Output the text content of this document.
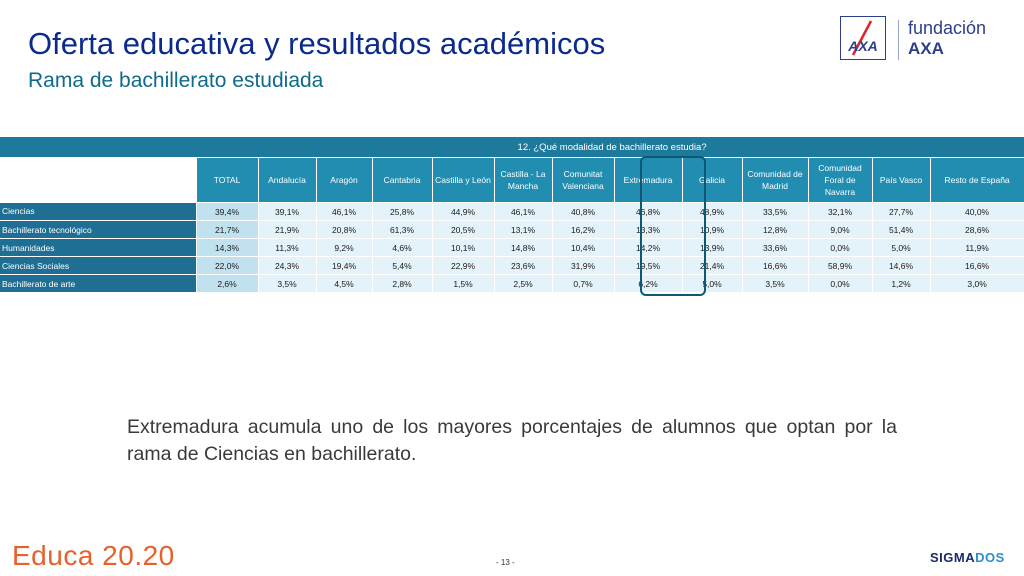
Oferta educativa y resultados académicos
Rama de bachillerato estudiada
AXA
fundación
AXA
12. ¿Qué modalidad de bachillerato estudia?													
	TOTAL	Andalucía	Aragón	Cantabria	Castilla y León	Castilla - La Mancha	Comunitat Valenciana	Extremadura	Galicia	Comunidad de Madrid	Comunidad Foral de Navarra	País Vasco	Resto de España
Ciencias	39,4%	39,1%	46,1%	25,8%	44,9%	46,1%	40,8%	46,8%	48,9%	33,5%	32,1%	27,7%	40,0%
Bachillerato tecnológico	21,7%	21,9%	20,8%	61,3%	20,5%	13,1%	16,2%	13,3%	10,9%	12,8%	9,0%	51,4%	28,6%
Humanidades	14,3%	11,3%	9,2%	4,6%	10,1%	14,8%	10,4%	14,2%	13,9%	33,6%	0,0%	5,0%	11,9%
Ciencias Sociales	22,0%	24,3%	19,4%	5,4%	22,9%	23,6%	31,9%	19,5%	21,4%	16,6%	58,9%	14,6%	16,6%
Bachillerato de arte	2,6%	3,5%	4,5%	2,8%	1,5%	2,5%	0,7%	6,2%	5,0%	3,5%	0,0%	1,2%	3,0%
Extremadura acumula uno de los mayores porcentajes de alumnos que optan por la rama de Ciencias en bachillerato.
Educa 20.20	- 13 -	SIGMADOS
